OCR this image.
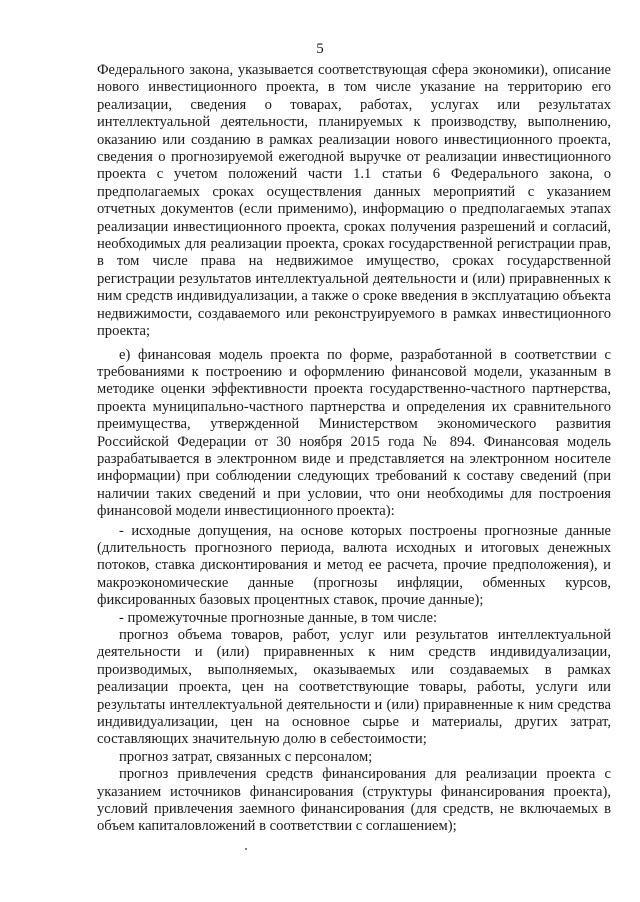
5

Федерального закона, указывается соответствующая сфера экономики), описание нового инвестиционного проекта, в том числе указание на территорию его реализации, сведения о товарах, работах, услугах или результатах интеллектуальной деятельности, планируемых к производству, выполнению, оказанию или созданию в рамках реализации нового инвестиционного проекта, сведения о прогнозируемой ежегодной выручке от реализации инвестиционного проекта с учетом положений части 1.1 статьи 6 Федерального закона, о предполагаемых сроках осуществления данных мероприятий с указанием отчетных документов (если применимо), информацию о предполагаемых этапах реализации инвестиционного проекта, сроках получения разрешений и согласий, необходимых для реализации проекта, сроках государственной регистрации прав, в том числе права на недвижимое имущество, сроках государственной регистрации результатов интеллектуальной деятельности и (или) приравненных к ним средств индивидуализации, а также о сроке введения в эксплуатацию объекта недвижимости, создаваемого или реконструируемого в рамках инвестиционного проекта;

е) финансовая модель проекта по форме, разработанной в соответствии с требованиями к построению и оформлению финансовой модели, указанным в методике оценки эффективности проекта государственно-частного партнерства, проекта муниципально-частного партнерства и определения их сравнительного преимущества, утвержденной Министерством экономического развития Российской Федерации от 30 ноября 2015 года № 894. Финансовая модель разрабатывается в электронном виде и представляется на электронном носителе информации) при соблюдении следующих требований к составу сведений (при наличии таких сведений и при условии, что они необходимы для построения финансовой модели инвестиционного проекта):

- исходные допущения, на основе которых построены прогнозные данные (длительность прогнозного периода, валюта исходных и итоговых денежных потоков, ставка дисконтирования и метод ее расчета, прочие предположения), и макроэкономические данные (прогнозы инфляции, обменных курсов, фиксированных базовых процентных ставок, прочие данные);

- промежуточные прогнозные данные, в том числе:

прогноз объема товаров, работ, услуг или результатов интеллектуальной деятельности и (или) приравненных к ним средств индивидуализации, производимых, выполняемых, оказываемых или создаваемых в рамках реализации проекта, цен на соответствующие товары, работы, услуги или результаты интеллектуальной деятельности и (или) приравненные к ним средства индивидуализации, цен на основное сырье и материалы, других затрат, составляющих значительную долю в себестоимости;

прогноз затрат, связанных с персоналом;

прогноз привлечения средств финансирования для реализации проекта с указанием источников финансирования (структуры финансирования проекта), условий привлечения заемного финансирования (для средств, не включаемых в объем капиталовложений в соответствии с соглашением);
